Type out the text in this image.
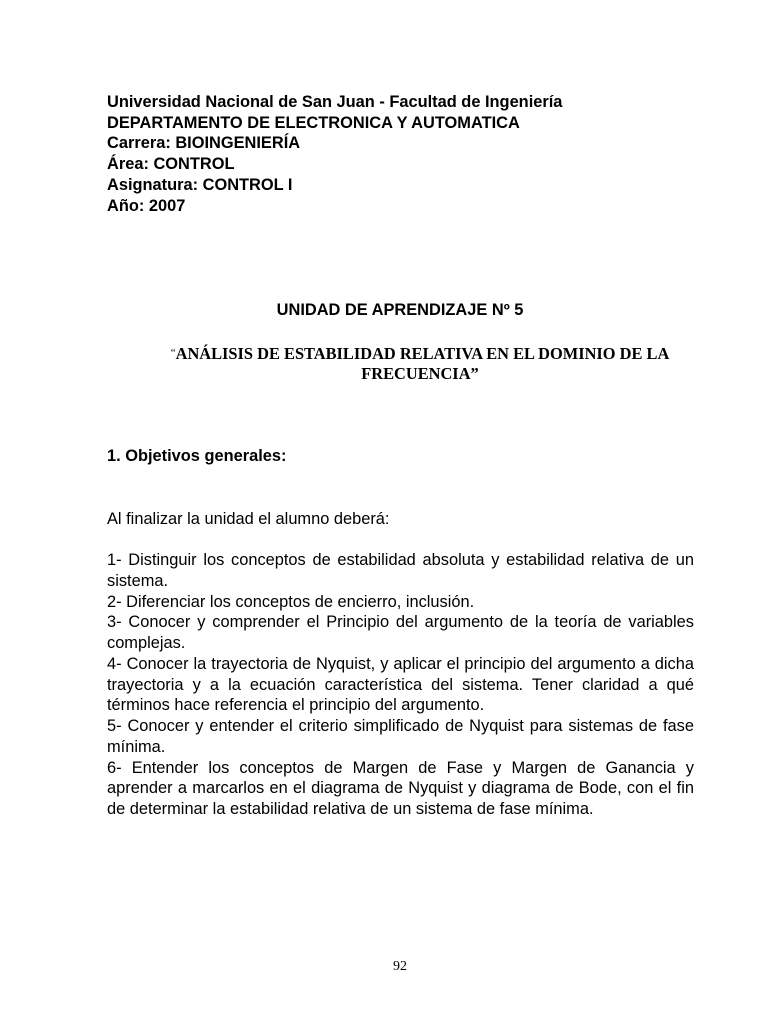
Universidad Nacional de San Juan - Facultad de Ingeniería
DEPARTAMENTO DE ELECTRONICA Y AUTOMATICA
Carrera: BIOINGENIERÍA
Área: CONTROL
Asignatura: CONTROL I
Año: 2007
UNIDAD DE APRENDIZAJE Nº 5
“ANÁLISIS DE ESTABILIDAD RELATIVA EN EL DOMINIO DE LA FRECUENCIA”
1. Objetivos generales:
Al finalizar la unidad el alumno deberá:
1- Distinguir los conceptos de estabilidad absoluta y estabilidad relativa de un sistema.
2- Diferenciar los conceptos de encierro, inclusión.
3- Conocer y comprender el Principio del argumento de la teoría de variables complejas.
4- Conocer la trayectoria de Nyquist, y aplicar el principio del argumento a dicha trayectoria y a la ecuación característica del sistema. Tener claridad a qué términos hace referencia el principio del argumento.
5- Conocer y entender el criterio simplificado de Nyquist para sistemas de fase mínima.
6- Entender los conceptos de Margen de Fase y Margen de Ganancia y aprender a marcarlos en el diagrama de Nyquist y diagrama de Bode, con el fin de determinar la estabilidad relativa de un sistema de fase mínima.
92
